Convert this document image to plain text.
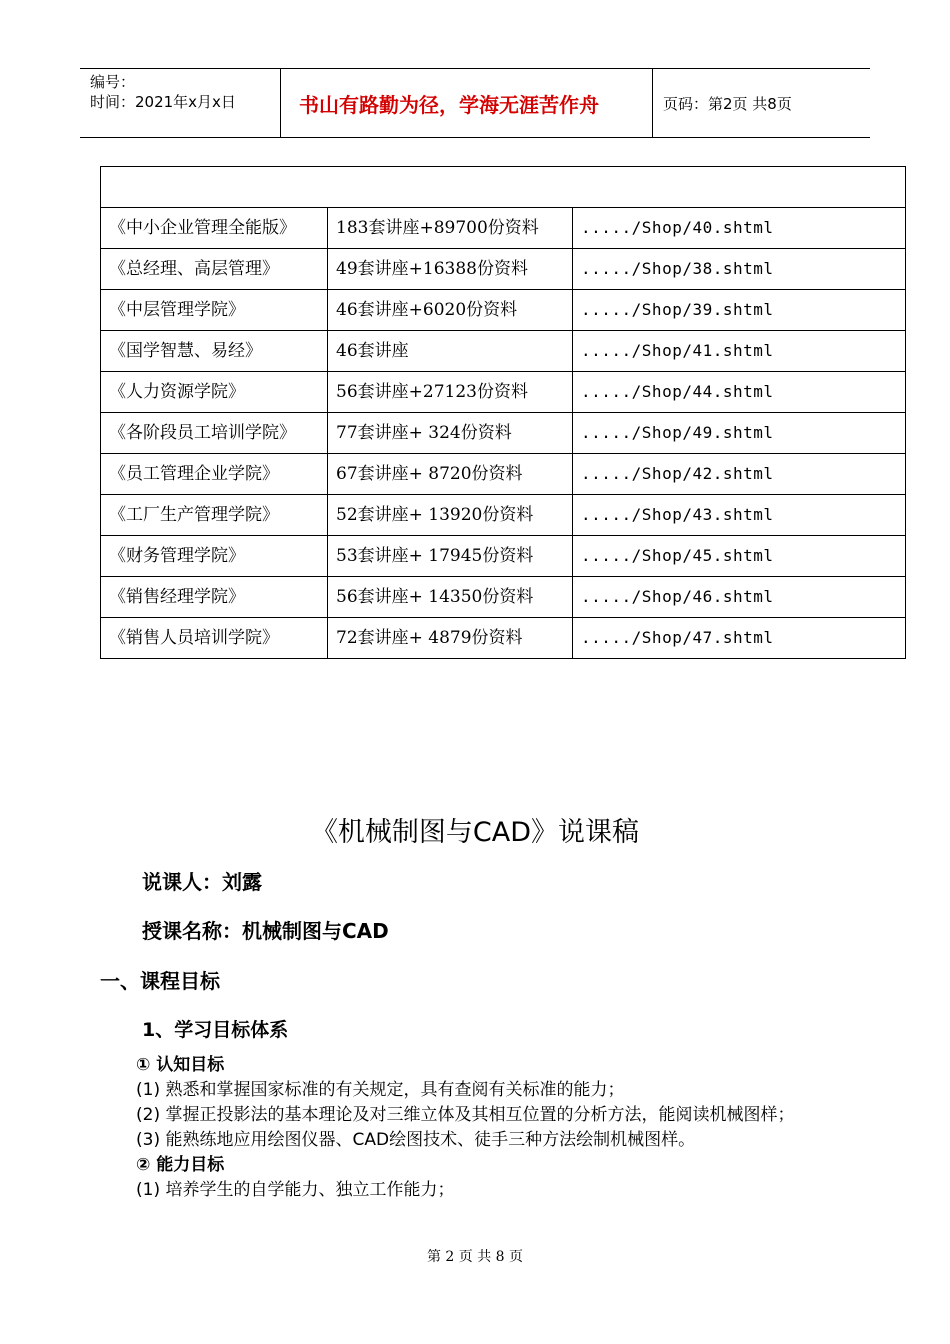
编号：
时间：2021年x月x日	书山有路勤为径，学海无涯苦作舟	页码：第2页 共8页

《中小企业管理全能版》	183套讲座+89700份资料	...../Shop/40.shtml
《总经理、高层管理》	49套讲座+16388份资料	...../Shop/38.shtml
《中层管理学院》	46套讲座+6020份资料	...../Shop/39.shtml
《国学智慧、易经》	46套讲座	...../Shop/41.shtml
《人力资源学院》	56套讲座+27123份资料	...../Shop/44.shtml
《各阶段员工培训学院》	77套讲座+ 324份资料	...../Shop/49.shtml
《员工管理企业学院》	67套讲座+ 8720份资料	...../Shop/42.shtml
《工厂生产管理学院》	52套讲座+ 13920份资料	...../Shop/43.shtml
《财务管理学院》	53套讲座+ 17945份资料	...../Shop/45.shtml
《销售经理学院》	56套讲座+ 14350份资料	...../Shop/46.shtml
《销售人员培训学院》	72套讲座+ 4879份资料	...../Shop/47.shtml
《机械制图与CAD》说课稿
说课人：刘露
授课名称：机械制图与CAD
一、课程目标
1、学习目标体系

① 认知目标

(1) 熟悉和掌握国家标准的有关规定，具有查阅有关标准的能力；

(2) 掌握正投影法的基本理论及对三维立体及其相互位置的分析方法，能阅读机械图样；

(3) 能熟练地应用绘图仪器、CAD绘图技术、徒手三种方法绘制机械图样。

② 能力目标

(1) 培养学生的自学能力、独立工作能力；

第 2 页 共 8 页
